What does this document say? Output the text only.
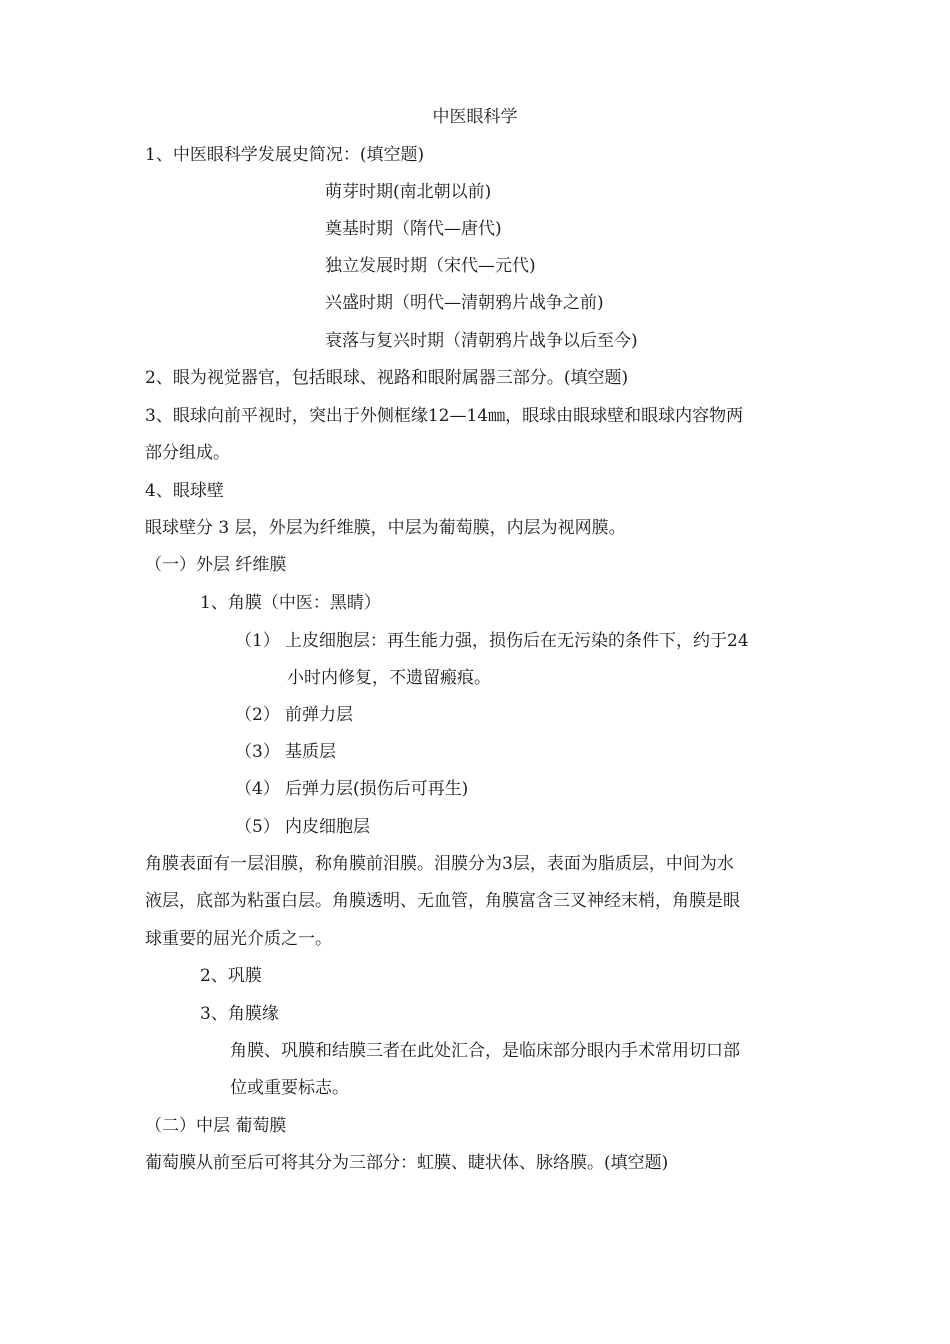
中医眼科学
1、中医眼科学发展史简况：(填空题)
萌芽时期(南北朝以前)
奠基时期（隋代—唐代)
独立发展时期（宋代—元代)
兴盛时期（明代—清朝鸦片战争之前)
衰落与复兴时期（清朝鸦片战争以后至今)
2、眼为视觉器官，包括眼球、视路和眼附属器三部分。(填空题)
3、眼球向前平视时，突出于外侧框缘12—14㎜，眼球由眼球壁和眼球内容物两
部分组成。
4、眼球壁
眼球壁分 3 层，外层为纤维膜，中层为葡萄膜，内层为视网膜。
（一）外层 纤维膜
1、角膜（中医：黑睛）
（1） 上皮细胞层：再生能力强，损伤后在无污染的条件下，约于24
小时内修复，不遗留瘢痕。
（2） 前弹力层
（3） 基质层
（4） 后弹力层(损伤后可再生)
（5） 内皮细胞层
角膜表面有一层泪膜，称角膜前泪膜。泪膜分为3层，表面为脂质层，中间为水
液层，底部为粘蛋白层。角膜透明、无血管，角膜富含三叉神经末梢，角膜是眼
球重要的屈光介质之一。
2、巩膜
3、角膜缘
角膜、巩膜和结膜三者在此处汇合，是临床部分眼内手术常用切口部
位或重要标志。
（二）中层 葡萄膜
葡萄膜从前至后可将其分为三部分：虹膜、睫状体、脉络膜。(填空题)
